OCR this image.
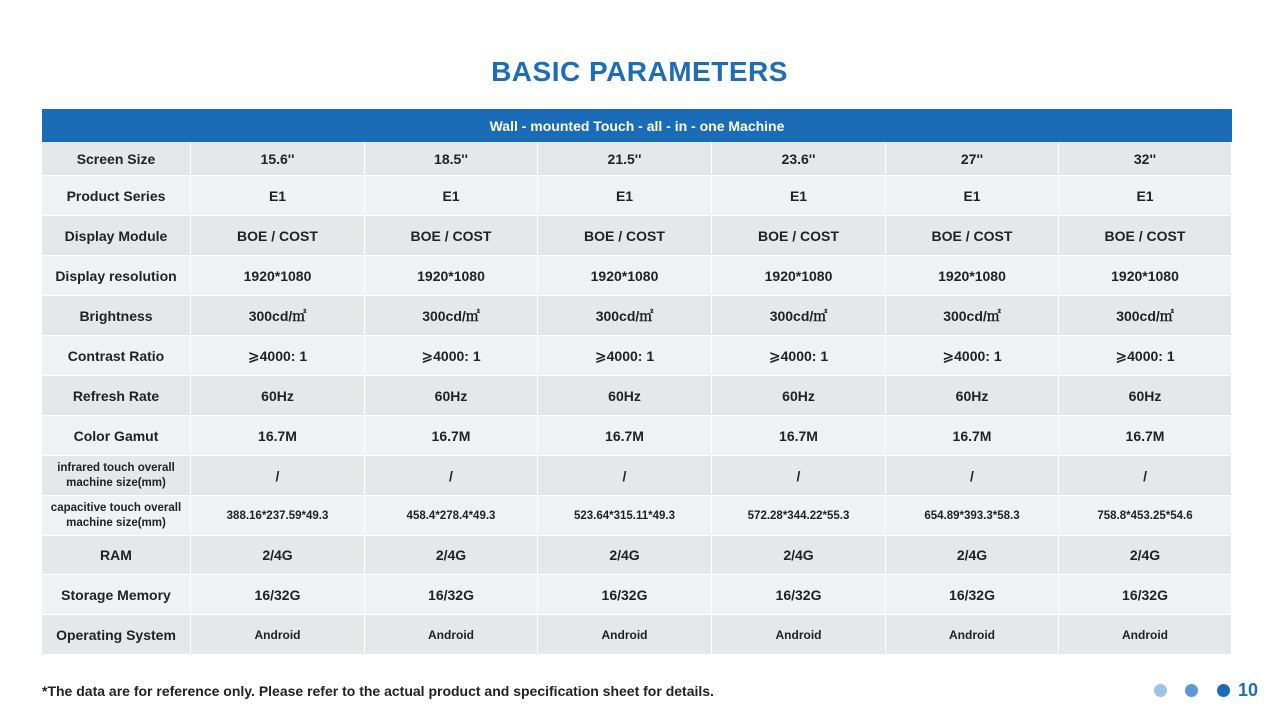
BASIC PARAMETERS
Wall - mounted Touch - all - in - one Machine						
Screen Size	15.6''	18.5''	21.5''	23.6''	27''	32''
Product Series	E1	E1	E1	E1	E1	E1
Display Module	BOE / COST	BOE / COST	BOE / COST	BOE / COST	BOE / COST	BOE / COST
Display resolution	1920*1080	1920*1080	1920*1080	1920*1080	1920*1080	1920*1080
Brightness	300cd/㎡	300cd/㎡	300cd/㎡	300cd/㎡	300cd/㎡	300cd/㎡
Contrast Ratio	⩾4000: 1	⩾4000: 1	⩾4000: 1	⩾4000: 1	⩾4000: 1	⩾4000: 1
Refresh Rate	60Hz	60Hz	60Hz	60Hz	60Hz	60Hz
Color Gamut	16.7M	16.7M	16.7M	16.7M	16.7M	16.7M

infrared touch overall
machine size(mm)	/	/	/	/	/	/

capacitive touch overall
machine size(mm)	388.16*237.59*49.3	458.4*278.4*49.3	523.64*315.11*49.3	572.28*344.22*55.3	654.89*393.3*58.3	758.8*453.25*54.6
RAM	2/4G	2/4G	2/4G	2/4G	2/4G	2/4G
Storage Memory	16/32G	16/32G	16/32G	16/32G	16/32G	16/32G
Operating System	Android	Android	Android	Android	Android	Android
*The data are for reference only. Please refer to the actual product and specification sheet for details.
	10
